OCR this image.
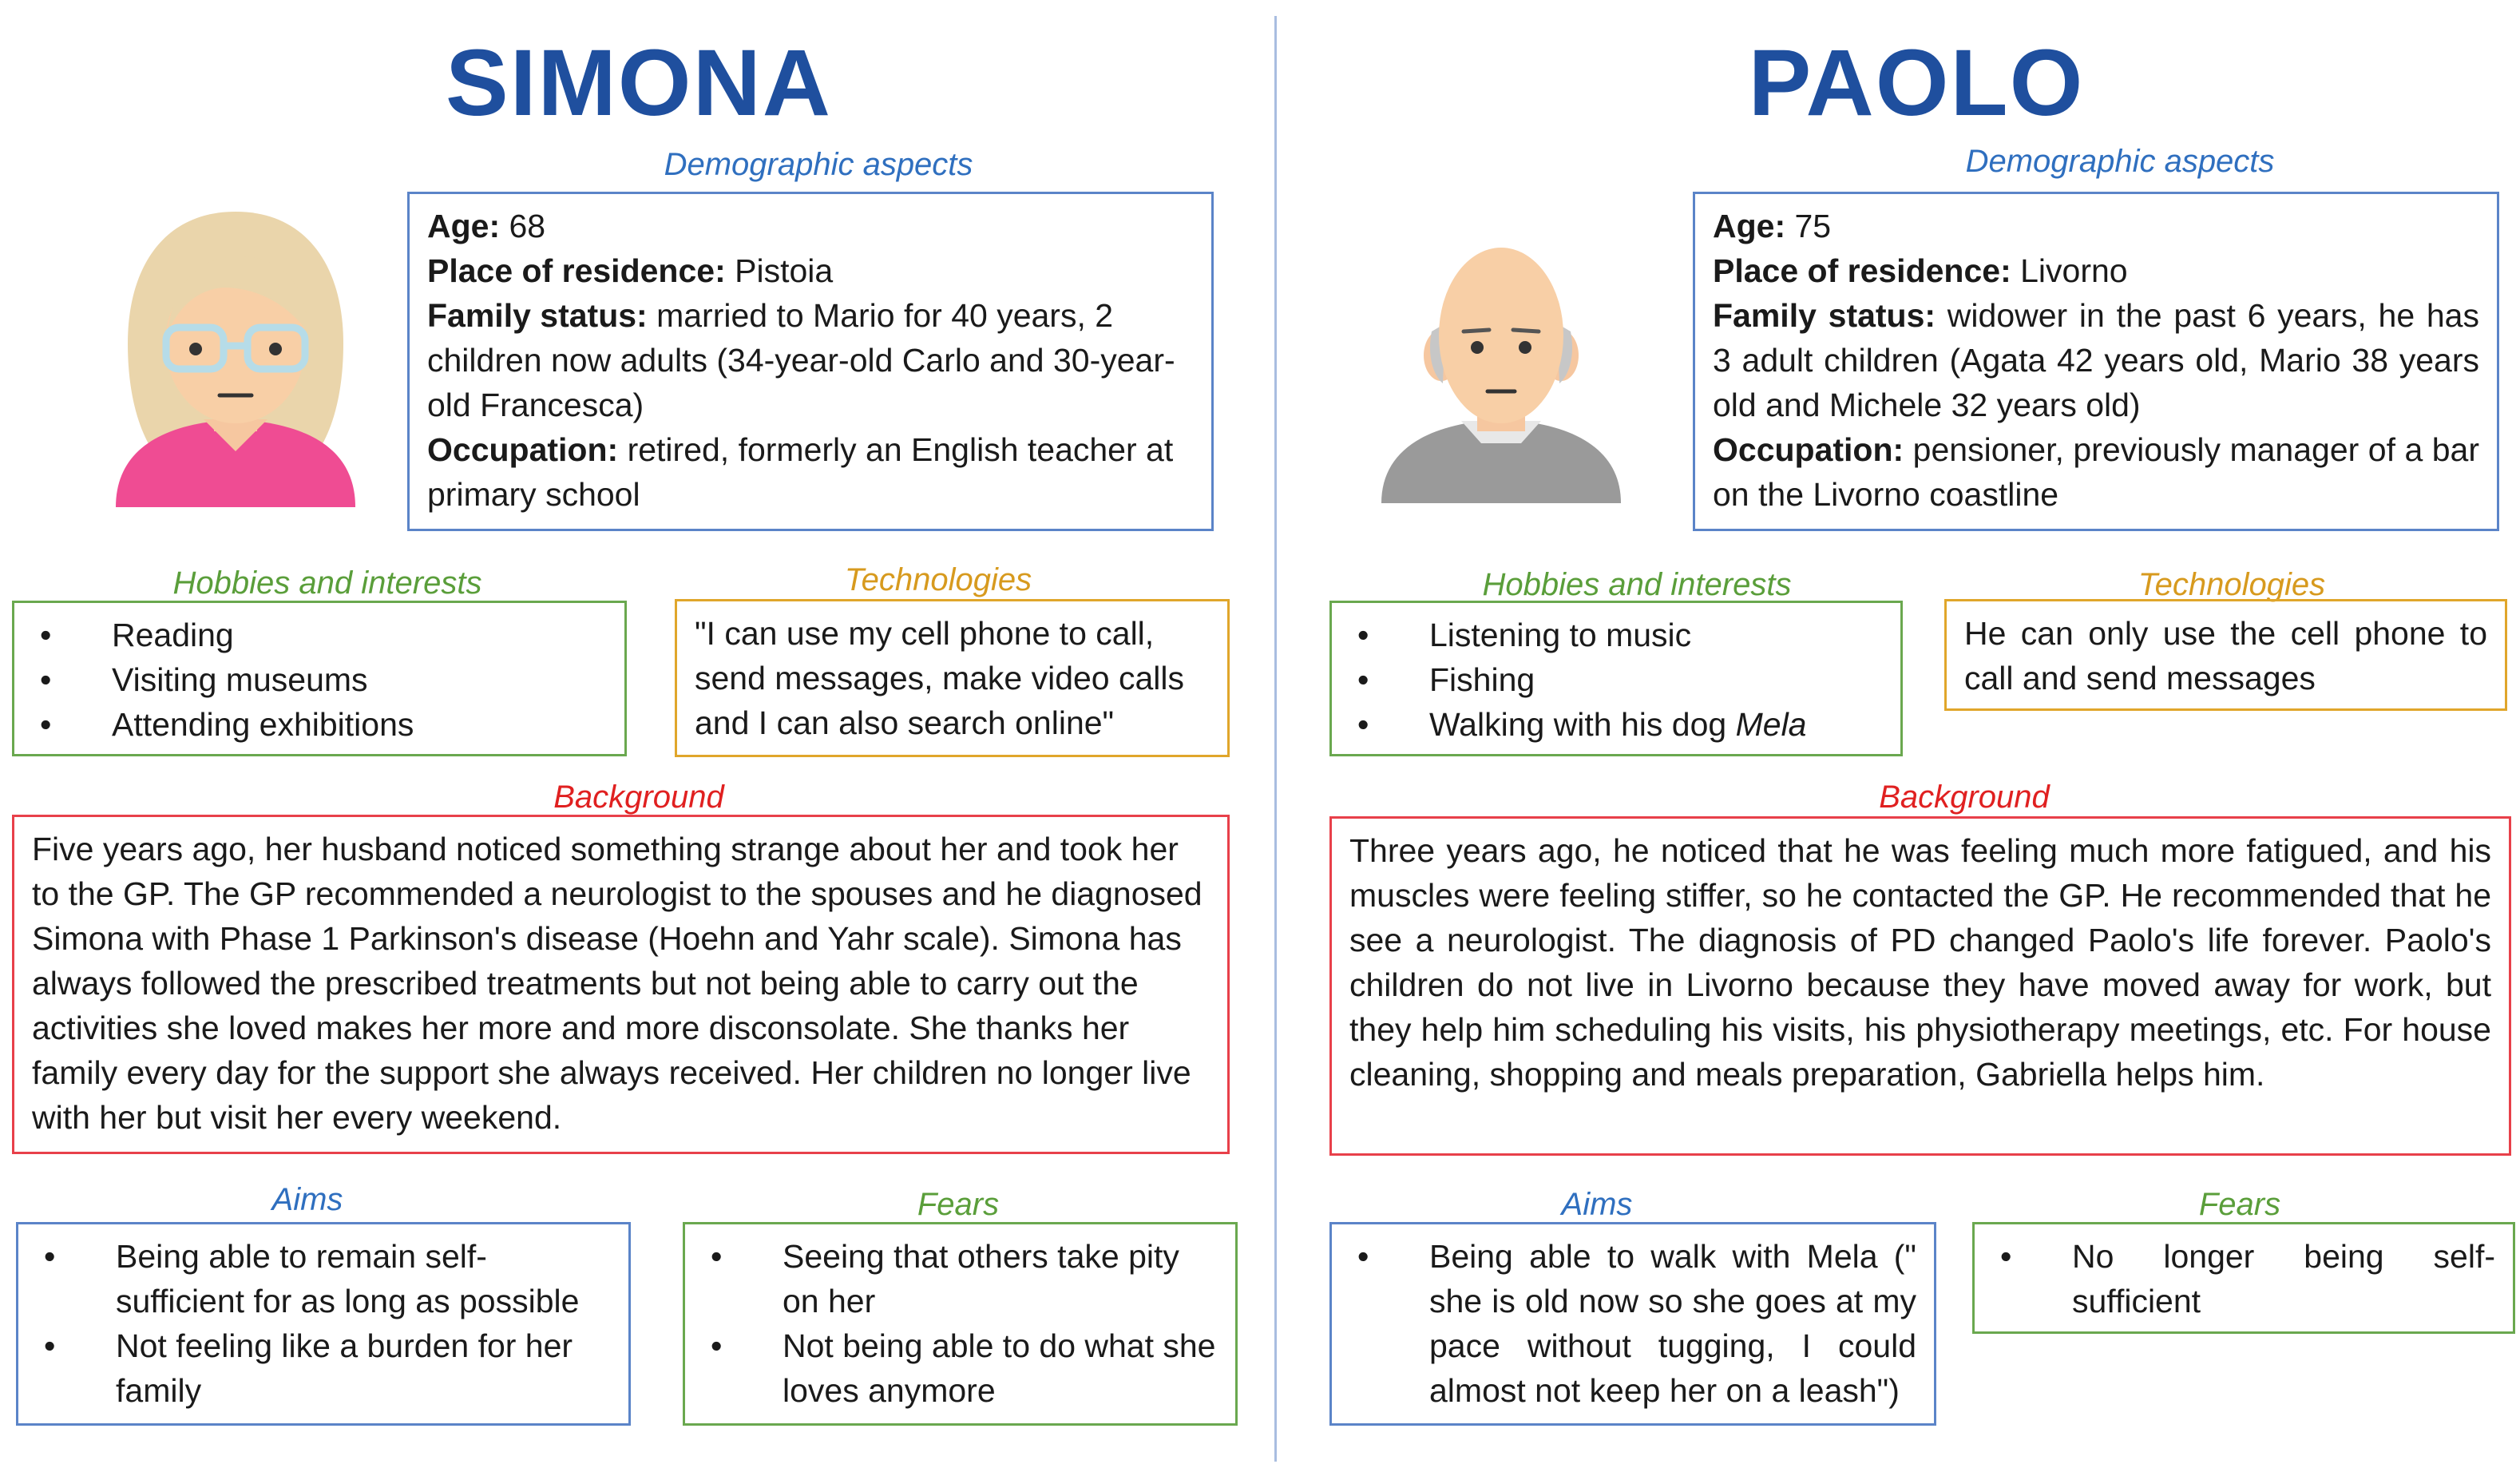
SIMONA
Demographic aspects
Age: 68
Place of residence: Pistoia
Family status: married to Mario for 40 years, 2 children now adults (34-year-old Carlo and 30-year-old Francesca)
Occupation: retired, formerly an English teacher at primary school
Hobbies and interests
• Reading
• Visiting museums
• Attending exhibitions
Technologies
"I can use my cell phone to call, send messages, make video calls and I can also search online"
Background
Five years ago, her husband noticed something strange about her and took her to the GP. The GP recommended a neurologist to the spouses and he diagnosed Simona with Phase 1 Parkinson's disease (Hoehn and Yahr scale). Simona has always followed the prescribed treatments but not being able to carry out the activities she loved makes her more and more disconsolate. She thanks her family every day for the support she always received. Her children no longer live with her but visit her every weekend.
Aims
• Being able to remain self-sufficient for as long as possible
• Not feeling like a burden for her family
Fears
• Seeing that others take pity on her
• Not being able to do what she loves anymore
PAOLO
Demographic aspects
Age: 75
Place of residence: Livorno
Family status: widower in the past 6 years, he has 3 adult children (Agata 42 years old, Mario 38 years old and Michele 32 years old)
Occupation: pensioner, previously manager of a bar on the Livorno coastline
Hobbies and interests
• Listening to music
• Fishing
• Walking with his dog Mela
Technologies
He can only use the cell phone to call and send messages
Background
Three years ago, he noticed that he was feeling much more fatigued, and his muscles were feeling stiffer, so he contacted the GP. He recommended that he see a neurologist. The diagnosis of PD changed Paolo's life forever. Paolo's children do not live in Livorno because they have moved away for work, but they help him scheduling his visits, his physiotherapy meetings, etc. For house cleaning, shopping and meals preparation, Gabriella helps him.
Aims
• Being able to walk with Mela (" she is old now so she goes at my pace without tugging, I could almost not keep her on a leash")
Fears
• No longer being self-sufficient
